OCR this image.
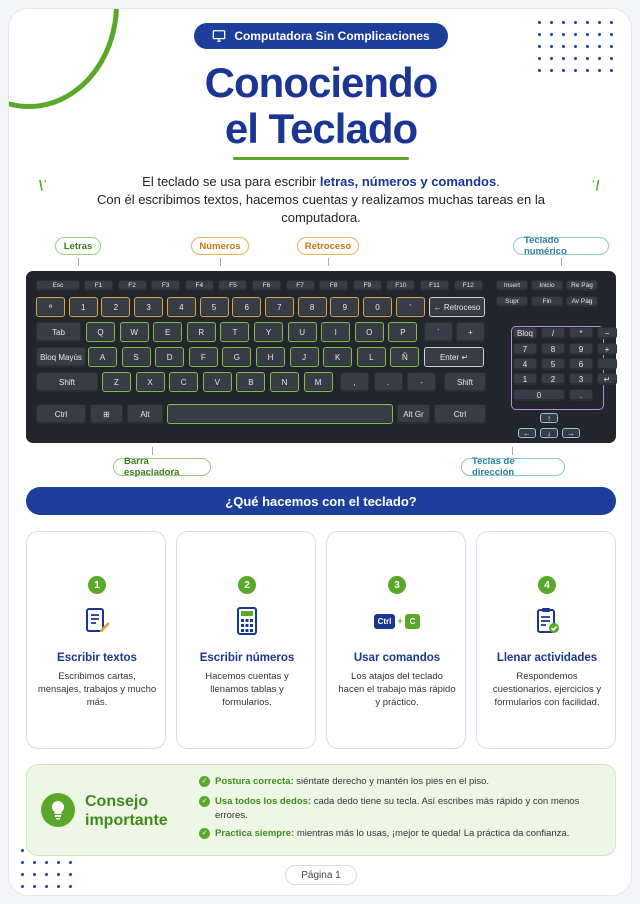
Computadora Sin Complicaciones
Conociendo
el Teclado
\ˈ	ˈ/
El teclado se usa para escribir letras, números y comandos.
Con él escribimos textos, hacemos cuentas y realizamos muchas tareas en la computadora.
Letras	Números	Retroceso	Teclado numérico
Esc	F1	F2	F3	F4	F5	F6	F7	F8	F9	F10	F11	F12	Insert	Inicio	Re Pág
Supr	Fin	Av Pág
ª	1	2	3	4	5	6	7	8	9	0	'	← Retroceso
Tab	Q	W	E	R	T	Y	U	I	O	P	`	+
Bloq Mayús	A	S	D	F	G	H	J	K	L	Ñ	Enter ↵
Shift	Z	X	C	V	B	N	M	,	.	-	Shift
Ctrl	⊞	Alt	Alt Gr	Ctrl
Bloq	/	*	−
7	8	9	+
4	5	6
1	2	3	↵
0	.
↑
←	↓	→
Barra espaciadora
Teclas de dirección
¿Qué hacemos con el teclado?
1
Escribir textos
Escribimos cartas, mensajes, trabajos y mucho más.
2
Escribir números
Hacemos cuentas y llenamos tablas y formularios.
3
Ctrl + C
Usar comandos
Los atajos del teclado hacen el trabajo más rápido y práctico.
4
Llenar actividades
Respondemos cuestionarios, ejercicios y formularios con facilidad.
Consejo
importante
✓ Postura correcta: siéntate derecho y mantén los pies en el piso.

✓ Usa todos los dedos: cada dedo tiene su tecla. Así escribes más rápido y con menos errores.

✓ Practica siempre: mientras más lo usas, ¡mejor te queda! La práctica da confianza.

Página 1
